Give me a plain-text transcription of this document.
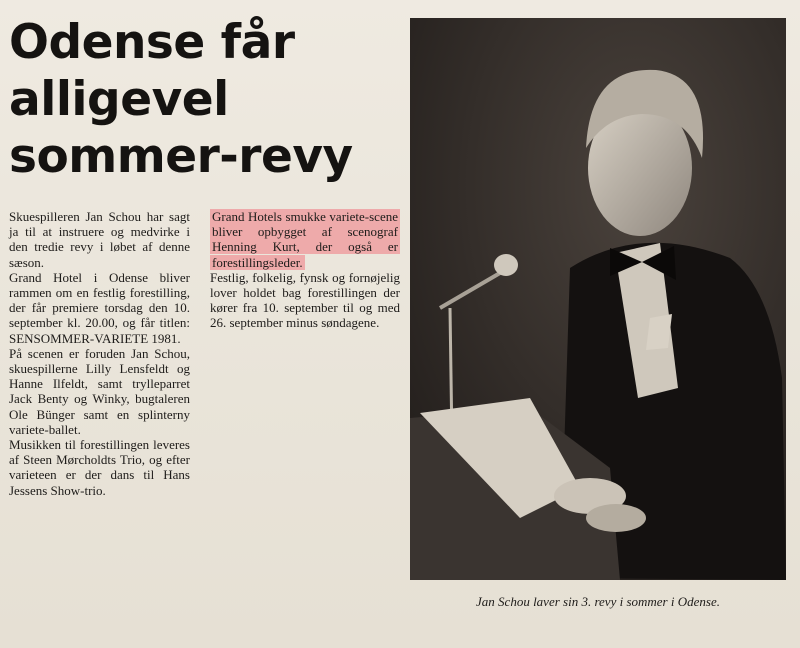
Odense får
alligevel
sommer-revy

Skuespilleren Jan Schou har sagt ja til at instruere og medvirke i den tredie revy i løbet af denne sæson.

Grand Hotel i Odense bliver rammen om en festlig forestilling, der får premiere torsdag den 10. september kl. 20.00, og får titlen: SENSOMMER-VARIETE 1981.

På scenen er foruden Jan Schou, skuespillerne Lilly Lensfeldt og Hanne Ilfeldt, samt trylleparret Jack Benty og Winky, bugtaleren Ole Bünger samt en splinterny variete-ballet.

Musikken til forestillingen leveres af Steen Mørcholdts Trio, og efter varieteen er der dans til Hans Jessens Show-trio.

Grand Hotels smukke variete-scene bliver opbygget af scenograf Henning Kurt, der også er forestillingsleder.

Festlig, folkelig, fynsk og fornøjelig lover holdet bag forestillingen der kører fra 10. september til og med 26. september minus søndagene.

Jan Schou laver sin 3. revy i sommer i Odense.
